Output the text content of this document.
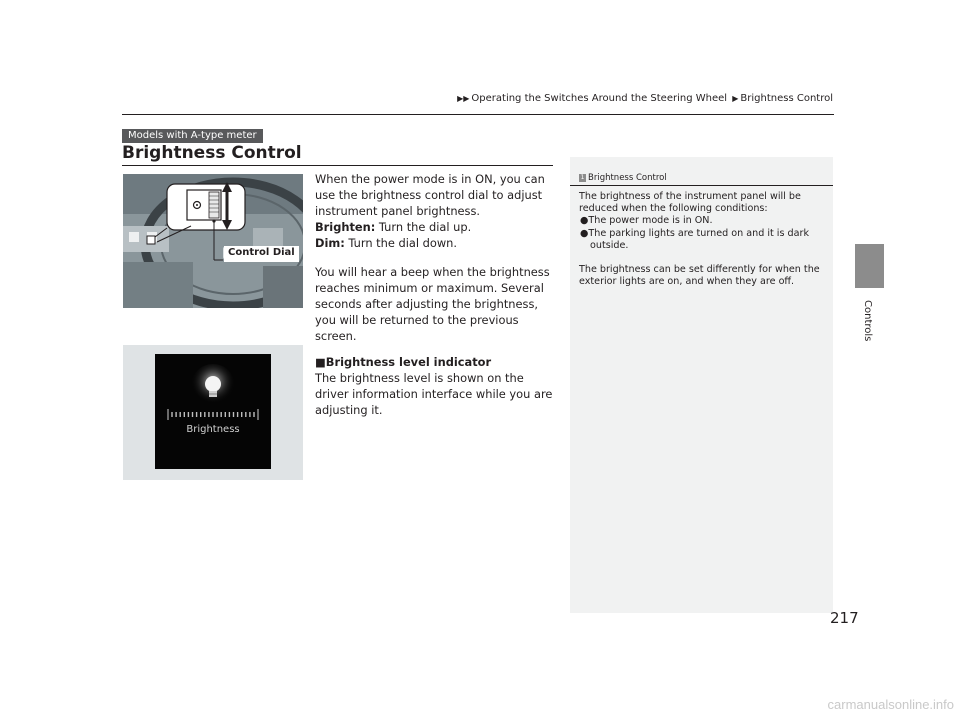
▶▶ Operating the Switches Around the Steering Wheel ▶ Brightness Control
Controls
Models with A-type meter
Brightness Control
Control Dial
Brightness

When the power mode is in ON, you can use the brightness control dial to adjust instrument panel brightness.

Brighten: Turn the dial up.

Dim: Turn the dial down.

You will hear a beep when the brightness reaches minimum or maximum. Several seconds after adjusting the brightness, you will be returned to the previous screen.

■Brightness level indicator

The brightness level is shown on the driver information interface while you are adjusting it.

1 Brightness Control

The brightness of the instrument panel will be reduced when the following conditions:

●The power mode is in ON.

●The parking lights are turned on and it is dark outside.

The brightness can be set differently for when the exterior lights are on, and when they are off.

217
carmanualsonline.info
